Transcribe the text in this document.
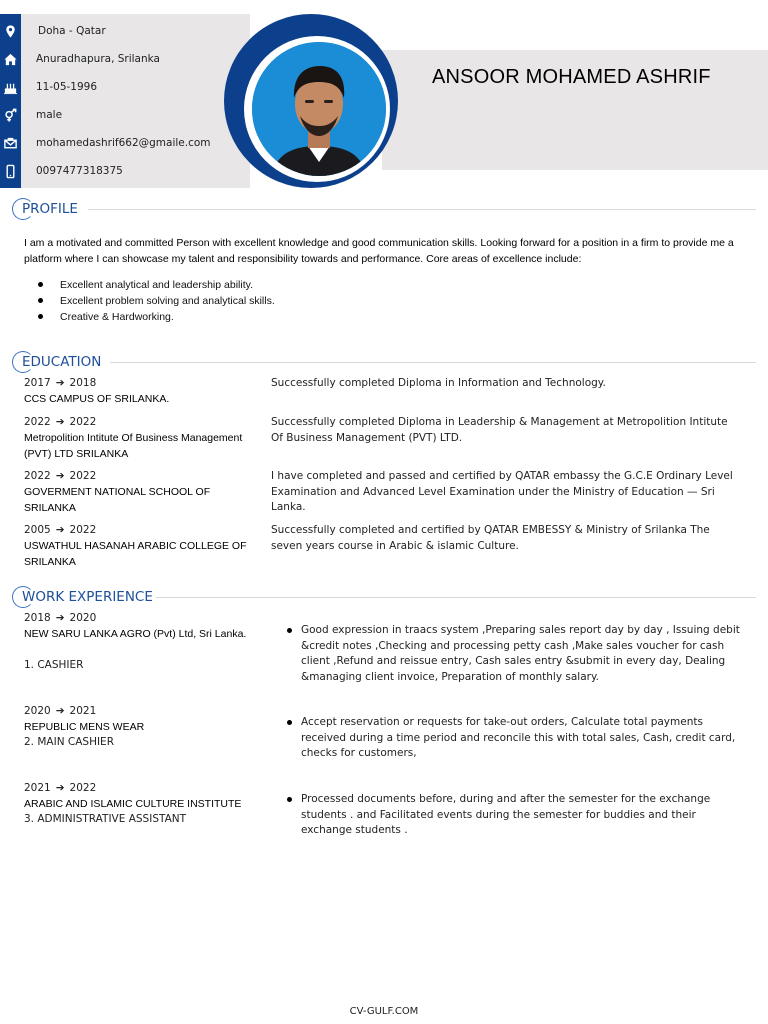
Doha - Qatar
Anuradhapura, Srilanka
11-05-1996
male
mohamedashrif662@gmaile.com
0097477318375
ANSOOR MOHAMED ASHRIF
PROFILE
I am a motivated and committed Person with excellent knowledge and good communication skills. Looking forward for a position in a firm to provide me a platform where I can showcase my talent and responsibility towards and performance. Core areas of excellence include:
Excellent analytical and leadership ability.
Excellent problem solving and analytical skills.
Creative & Hardworking.
EDUCATION
2017 ➔ 2018
CCS CAMPUS OF SRILANKA.
Successfully completed Diploma in Information and Technology.
2022 ➔ 2022
Metropolition Intitute Of Business Management (PVT) LTD SRILANKA
Successfully completed Diploma in Leadership & Management at Metropolition Intitute Of Business Management (PVT) LTD.
2022 ➔ 2022
GOVERMENT NATIONAL SCHOOL OF SRILANKA
I have completed and passed and certified by QATAR embassy the G.C.E Ordinary Level Examination and Advanced Level Examination under the Ministry of Education — Sri Lanka.
2005 ➔ 2022
USWATHUL HASANAH ARABIC COLLEGE OF SRILANKA
Successfully completed and certified by QATAR EMBESSY & Ministry of Srilanka The seven years course in Arabic & islamic Culture.
WORK EXPERIENCE
2018 ➔ 2020
NEW SARU LANKA AGRO (Pvt) Ltd, Sri Lanka.
1. CASHIER
Good expression in traacs system ,Preparing sales report day by day , Issuing debit &credit notes ,Checking and processing petty cash ,Make sales voucher for cash client ,Refund and reissue entry, Cash sales entry &submit in every day, Dealing &managing client invoice, Preparation of monthly salary.
2020 ➔ 2021
REPUBLIC MENS WEAR
2. MAIN CASHIER
Accept reservation or requests for take-out orders, Calculate total payments received during a time period and reconcile this with total sales, Cash, credit card, checks for customers,
2021 ➔ 2022
ARABIC AND ISLAMIC CULTURE INSTITUTE
3. ADMINISTRATIVE ASSISTANT
Processed documents before, during and after the semester for the exchange students . and Facilitated events during the semester for buddies and their exchange students .
CV-GULF.COM
